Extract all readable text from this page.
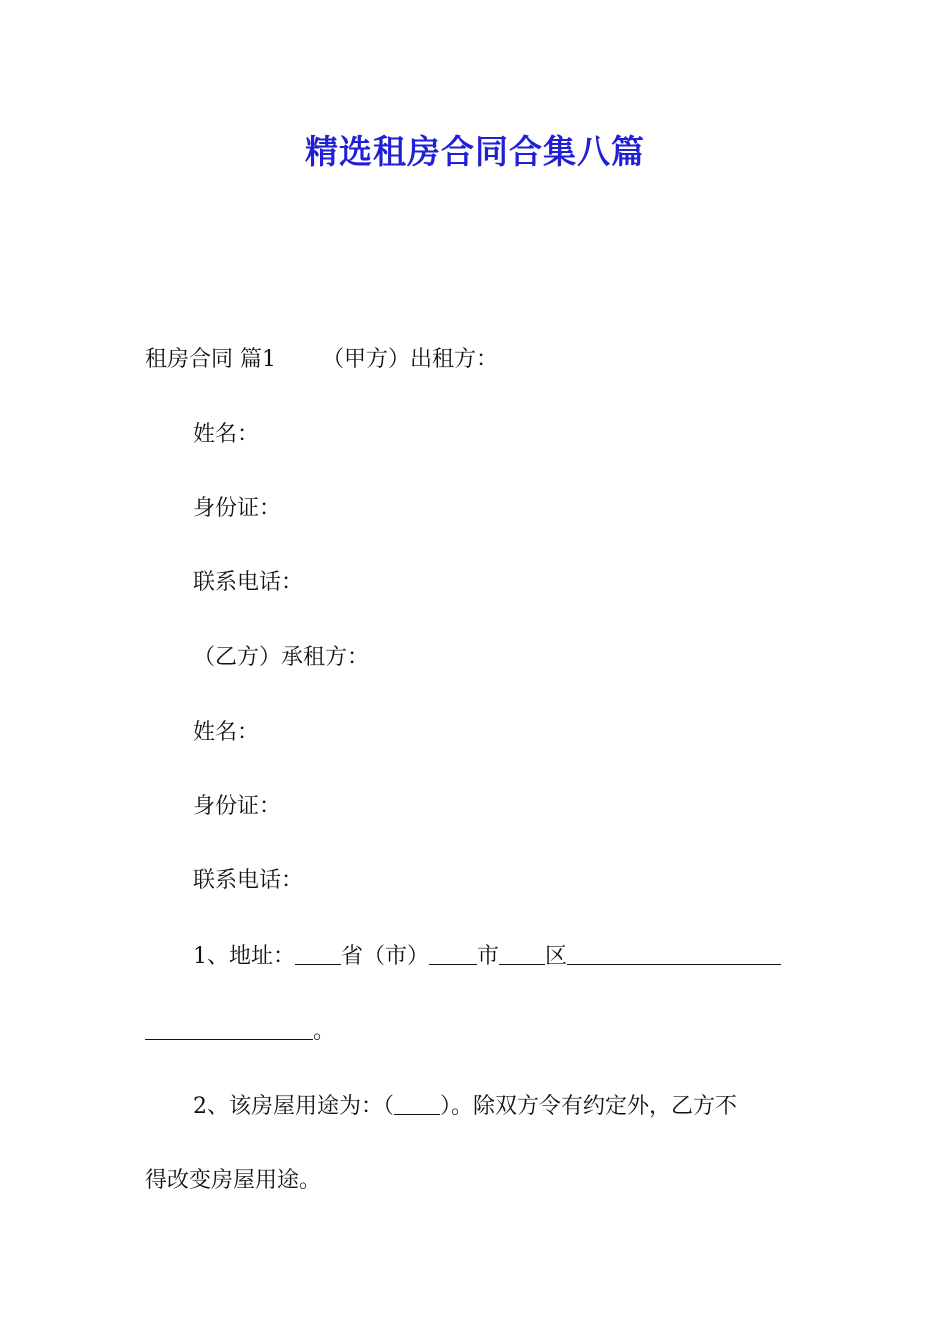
精选租房合同合集八篇
租房合同 篇1 （甲方）出租方：
姓名：
身份证：
联系电话：
（乙方）承租方：
姓名：
身份证：
联系电话：
1、地址： 省（市） 市 区
。
2、该房屋用途为：（ ）。除双方令有约定外，乙方不
得改变房屋用途。
